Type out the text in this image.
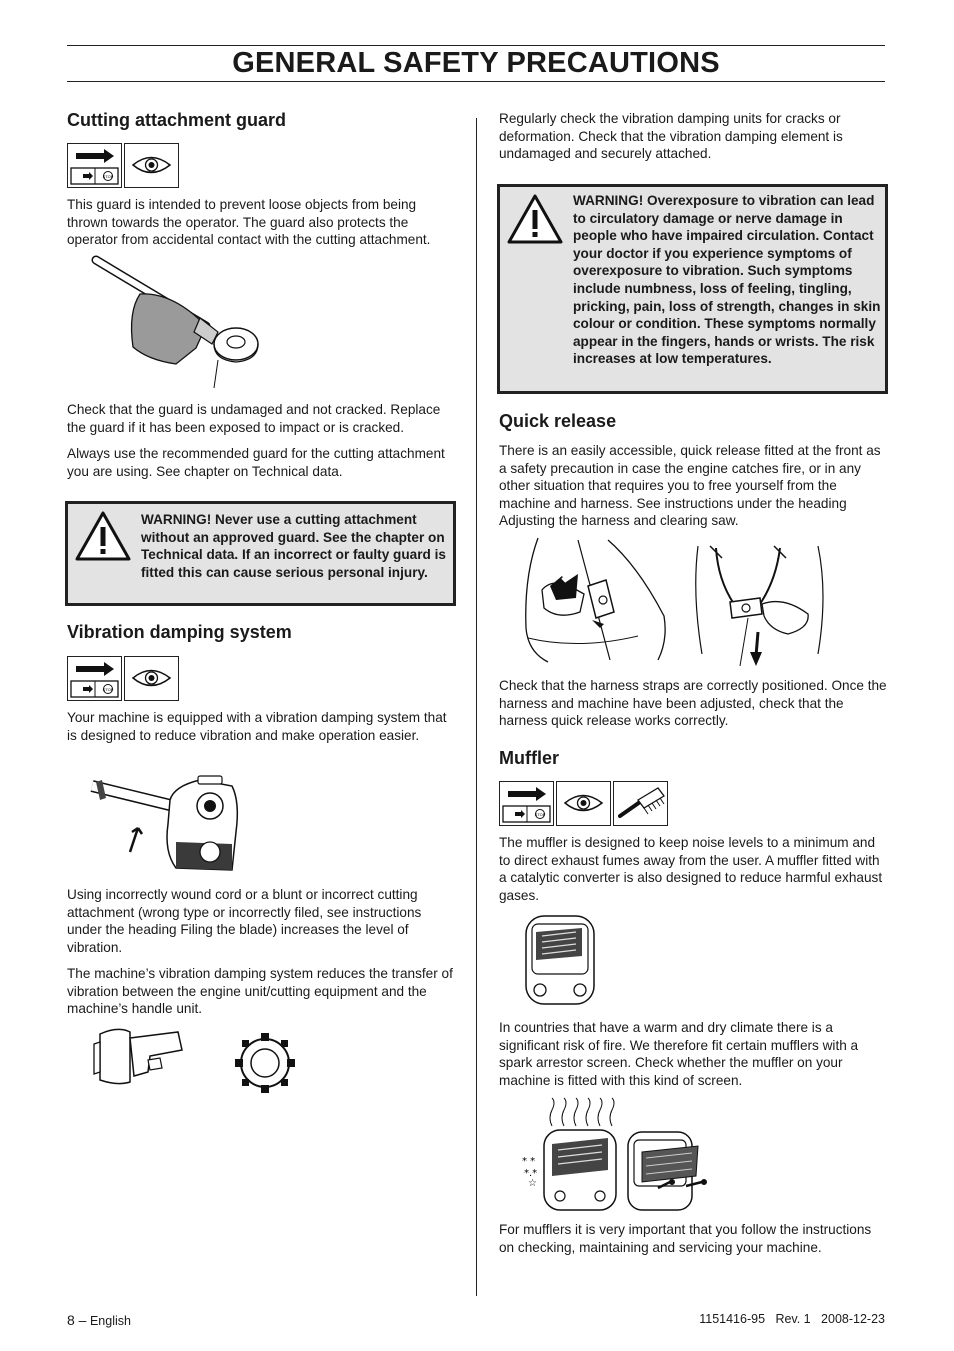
GENERAL SAFETY PRECAUTIONS
Cutting attachment guard
STOP

This guard is intended to prevent loose objects from being thrown towards the operator. The guard also protects the operator from accidental contact with the cutting attachment.

Check that the guard is undamaged and not cracked. Replace the guard if it has been exposed to impact or is cracked.

Always use the recommended guard for the cutting attachment you are using. See chapter on Technical data.

WARNING! Never use a cutting attachment without an approved guard. See the chapter on Technical data. If an incorrect or faulty guard is fitted this can cause serious personal injury.
Vibration damping system
STOP

Your machine is equipped with a vibration damping system that is designed to reduce vibration and make operation easier.

Using incorrectly wound cord or a blunt or incorrect cutting attachment (wrong type or incorrectly filed, see instructions under the heading Filing the blade) increases the level of vibration.

The machine’s vibration damping system reduces the transfer of vibration between the engine unit/cutting equipment and the machine’s handle unit.

Regularly check the vibration damping units for cracks or deformation. Check that the vibration damping element is undamaged and securely attached.

WARNING! Overexposure to vibration can lead to circulatory damage or nerve damage in people who have impaired circulation. Contact your doctor if you experience symptoms of overexposure to vibration. Such symptoms include numbness, loss of feeling, tingling, pricking, pain, loss of strength, changes in skin colour or condition. These symptoms normally appear in the fingers, hands or wrists. The risk increases at low temperatures.
Quick release

There is an easily accessible, quick release fitted at the front as a safety precaution in case the engine catches fire, or in any other situation that requires you to free yourself from the machine and harness. See instructions under the heading Adjusting the harness and clearing saw.

Check that the harness straps are correctly positioned. Once the harness and machine have been adjusted, check that the harness quick release works correctly.

Muffler
STOP

The muffler is designed to keep noise levels to a minimum and to direct exhaust fumes away from the user. A muffler fitted with a catalytic converter is also designed to reduce harmful exhaust gases.

In countries that have a warm and dry climate there is a significant risk of fire. We therefore fit certain mufflers with a spark arrestor screen. Check whether the muffler on your machine is fitted with this kind of screen.

* *
*.*
☆

For mufflers it is very important that you follow the instructions on checking, maintaining and servicing your machine.

8 – English	1151416-95   Rev. 1   2008-12-23
